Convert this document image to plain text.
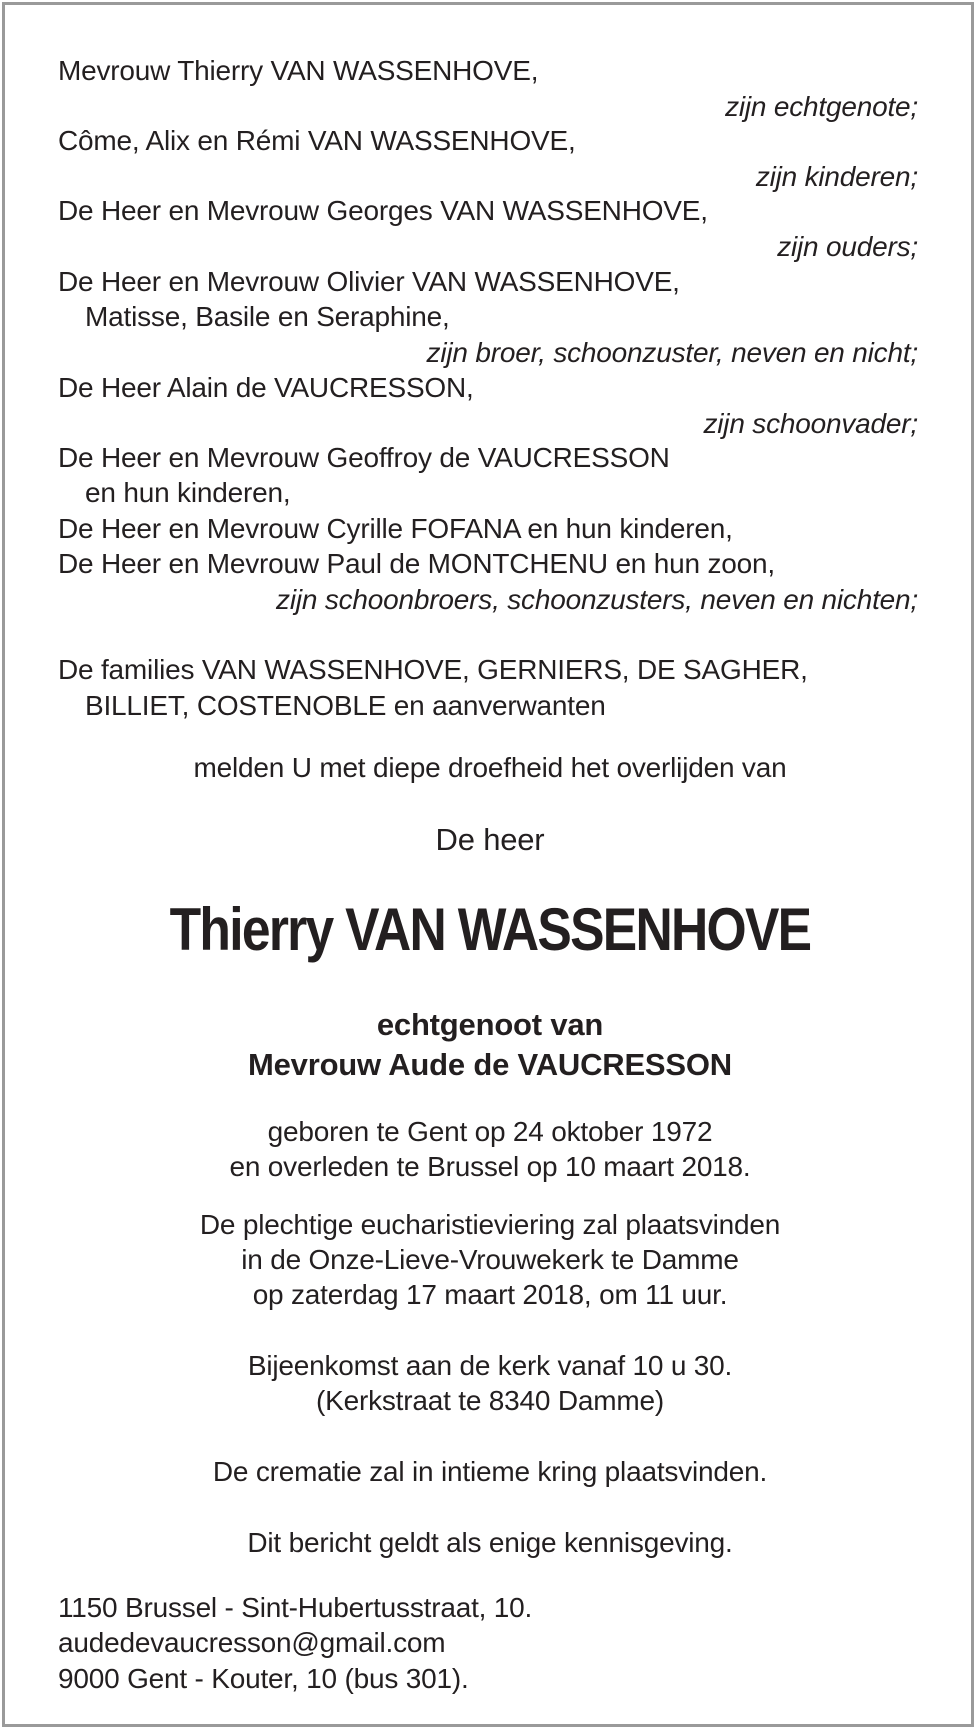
Mevrouw Thierry VAN WASSENHOVE,
zijn echtgenote;
Côme, Alix en Rémi VAN WASSENHOVE,
zijn kinderen;
De Heer en Mevrouw Georges VAN WASSENHOVE,
zijn ouders;
De Heer en Mevrouw Olivier VAN WASSENHOVE,
Matisse, Basile en Seraphine,
zijn broer, schoonzuster, neven en nicht;
De Heer Alain de VAUCRESSON,
zijn schoonvader;
De Heer en Mevrouw Geoffroy de VAUCRESSON
en hun kinderen,
De Heer en Mevrouw Cyrille FOFANA en hun kinderen,
De Heer en Mevrouw Paul de MONTCHENU en hun zoon,
zijn schoonbroers, schoonzusters, neven en nichten;
De families VAN WASSENHOVE, GERNIERS, DE SAGHER,
BILLIET, COSTENOBLE en aanverwanten
melden U met diepe droefheid het overlijden van
De heer
Thierry VAN WASSENHOVE
echtgenoot van
Mevrouw Aude de VAUCRESSON
geboren te Gent op 24 oktober 1972
en overleden te Brussel op 10 maart 2018.
De plechtige eucharistieviering zal plaatsvinden
in de Onze-Lieve-Vrouwekerk te Damme
op zaterdag 17 maart 2018, om 11 uur.
Bijeenkomst aan de kerk vanaf 10 u 30.
(Kerkstraat te 8340 Damme)
De crematie zal in intieme kring plaatsvinden.
Dit bericht geldt als enige kennisgeving.
1150 Brussel - Sint-Hubertusstraat, 10.
audedevaucresson@gmail.com
9000 Gent - Kouter, 10 (bus 301).
